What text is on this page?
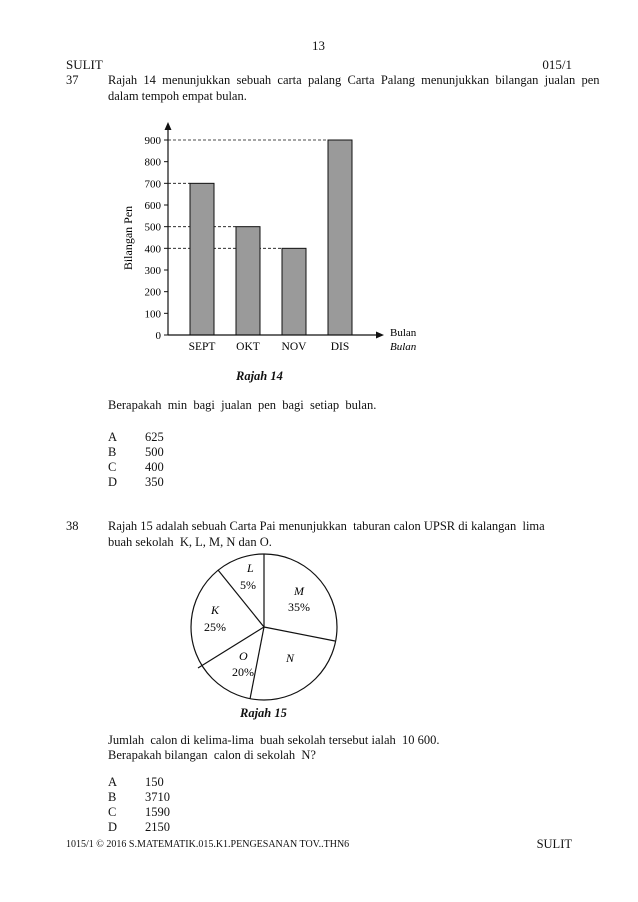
13
SULIT	015/1
37 Rajah  14  menunjukkan  sebuah  carta  palang  Carta  Palang  menunjukkan  bilangan  jualan  pen
dalam tempoh empat bulan.
0
100
200
300
400
500
600
700
800
900
SEPT OKT NOV DIS
Bilangan Pen
Bulan
Bulan
Rajah 14
Berapakah  min  bagi  jualan  pen  bagi  setiap  bulan.
A 625
B 500
C 400
D 350
38 Rajah 15 adalah sebuah Carta Pai menunjukkan  taburan calon UPSR di kalangan  lima
buah sekolah  K, L, M, N dan O.
L
5%	M
35%
N
O
20%
K
25%
Rajah 15
Jumlah  calon di kelima-lima  buah sekolah tersebut ialah  10 600.
Berapakah bilangan  calon di sekolah  N?
A 150
B 3710
C 1590
D 2150
1015/1 © 2016 S.MATEMATIK.015.K1.PENGESANAN TOV..THN6	SULIT
